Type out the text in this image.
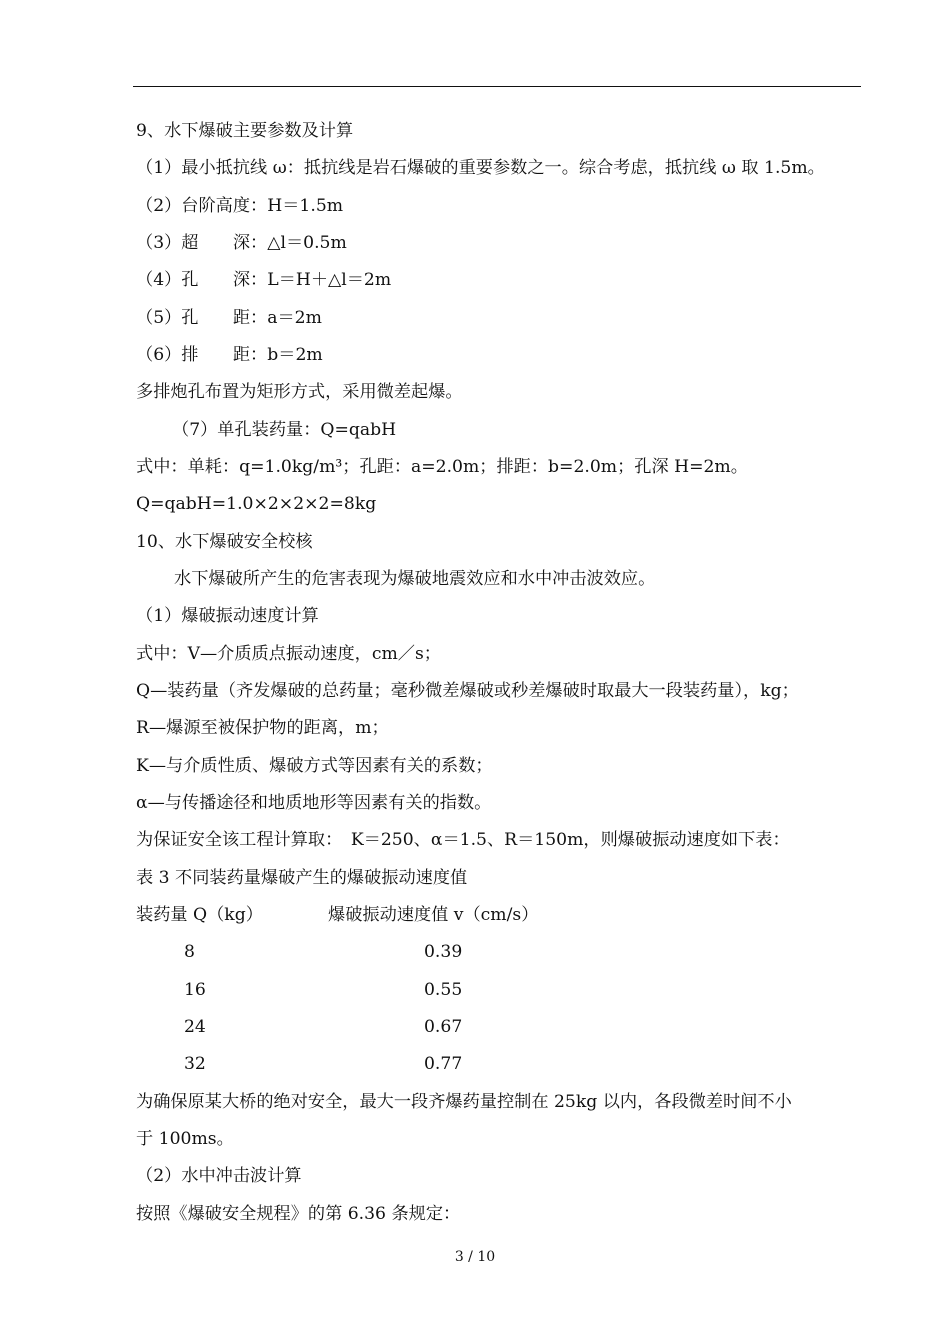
9、水下爆破主要参数及计算
（1）最小抵抗线 ω：抵抗线是岩石爆破的重要参数之一。综合考虑，抵抗线 ω 取 1.5m。
（2）台阶高度：H＝1.5m
（3）超　　深：△l＝0.5m
（4）孔　　深：L＝H＋△l＝2m
（5）孔　　距：a＝2m
（6）排　　距：b＝2m
多排炮孔布置为矩形方式，采用微差起爆。
（7）单孔装药量：Q=qabH
式中：单耗：q=1.0kg/m³；孔距：a=2.0m；排距：b=2.0m；孔深 H=2m。
Q=qabH=1.0×2×2×2=8kg
10、水下爆破安全校核
水下爆破所产生的危害表现为爆破地震效应和水中冲击波效应。
（1）爆破振动速度计算
式中：V—介质质点振动速度，cm／s；
Q—装药量（齐发爆破的总药量；毫秒微差爆破或秒差爆破时取最大一段装药量），kg；
R—爆源至被保护物的距离，m；
K—与介质性质、爆破方式等因素有关的系数；
α—与传播途径和地质地形等因素有关的指数。
为保证安全该工程计算取：　K＝250、α＝1.5、R＝150m，则爆破振动速度如下表：
表 3 不同装药量爆破产生的爆破振动速度值
装药量 Q（kg）	爆破振动速度值 v（cm/s）
8	0.39
16	0.55
24	0.67
32	0.77
为确保原某大桥的绝对安全，最大一段齐爆药量控制在 25kg 以内，各段微差时间不小
于 100ms。
（2）水中冲击波计算
按照《爆破安全规程》的第 6.36 条规定：
3 / 10
